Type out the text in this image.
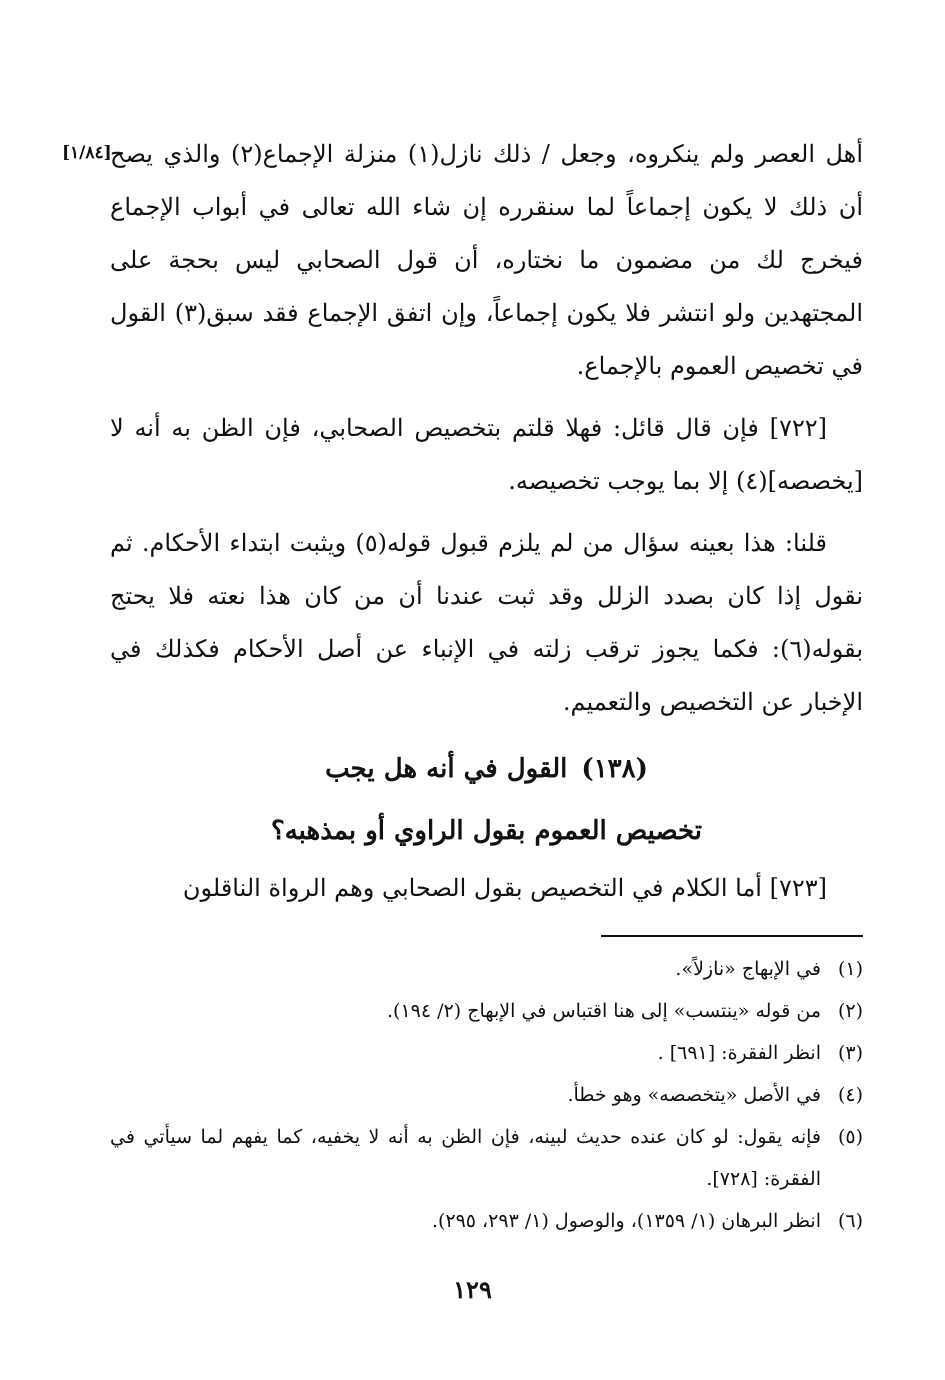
[١/٨٤]

أهل العصر ولم ينكروه، وجعل / ذلك نازل(١) منزلة الإجماع(٢) والذي يصح أن ذلك لا يكون إجماعاً لما سنقرره إن شاء الله تعالى في أبواب الإجماع فيخرج لك من مضمون ما نختاره، أن قول الصحابي ليس بحجة على المجتهدين ولو انتشر فلا يكون إجماعاً، وإن اتفق الإجماع فقد سبق(٣) القول في تخصيص العموم بالإجماع.

[٧٢٢] فإن قال قائل: فهلا قلتم بتخصيص الصحابي، فإن الظن به أنه لا [يخصصه](٤) إلا بما يوجب تخصيصه.

قلنا: هذا بعينه سؤال من لم يلزم قبول قوله(٥) ويثبت ابتداء الأحكام. ثم نقول إذا كان بصدد الزلل وقد ثبت عندنا أن من كان هذا نعته فلا يحتج بقوله(٦): فكما يجوز ترقب زلته في الإنباء عن أصل الأحكام فكذلك في الإخبار عن التخصيص والتعميم.

(١٣٨)القول في أنه هل يجب
تخصيص العموم بقول الراوي أو بمذهبه؟
[٧٢٣] أما الكلام في التخصيص بقول الصحابي وهم الرواة الناقلون
(١)
في الإبهاج «نازلاً».
(٢)
من قوله «ينتسب» إلى هنا اقتباس في الإبهاج (٢/ ١٩٤).
(٣)
انظر الفقرة: [٦٩١] .
(٤)
في الأصل «يتخصصه» وهو خطأ.
(٥)
فإنه يقول: لو كان عنده حديث لبينه، فإن الظن به أنه لا يخفيه، كما يفهم لما سيأتي في الفقرة: [٧٢٨].
(٦)
انظر البرهان (١/ ١٣٥٩)، والوصول (١/ ٢٩٣، ٢٩٥).
١٢٩
